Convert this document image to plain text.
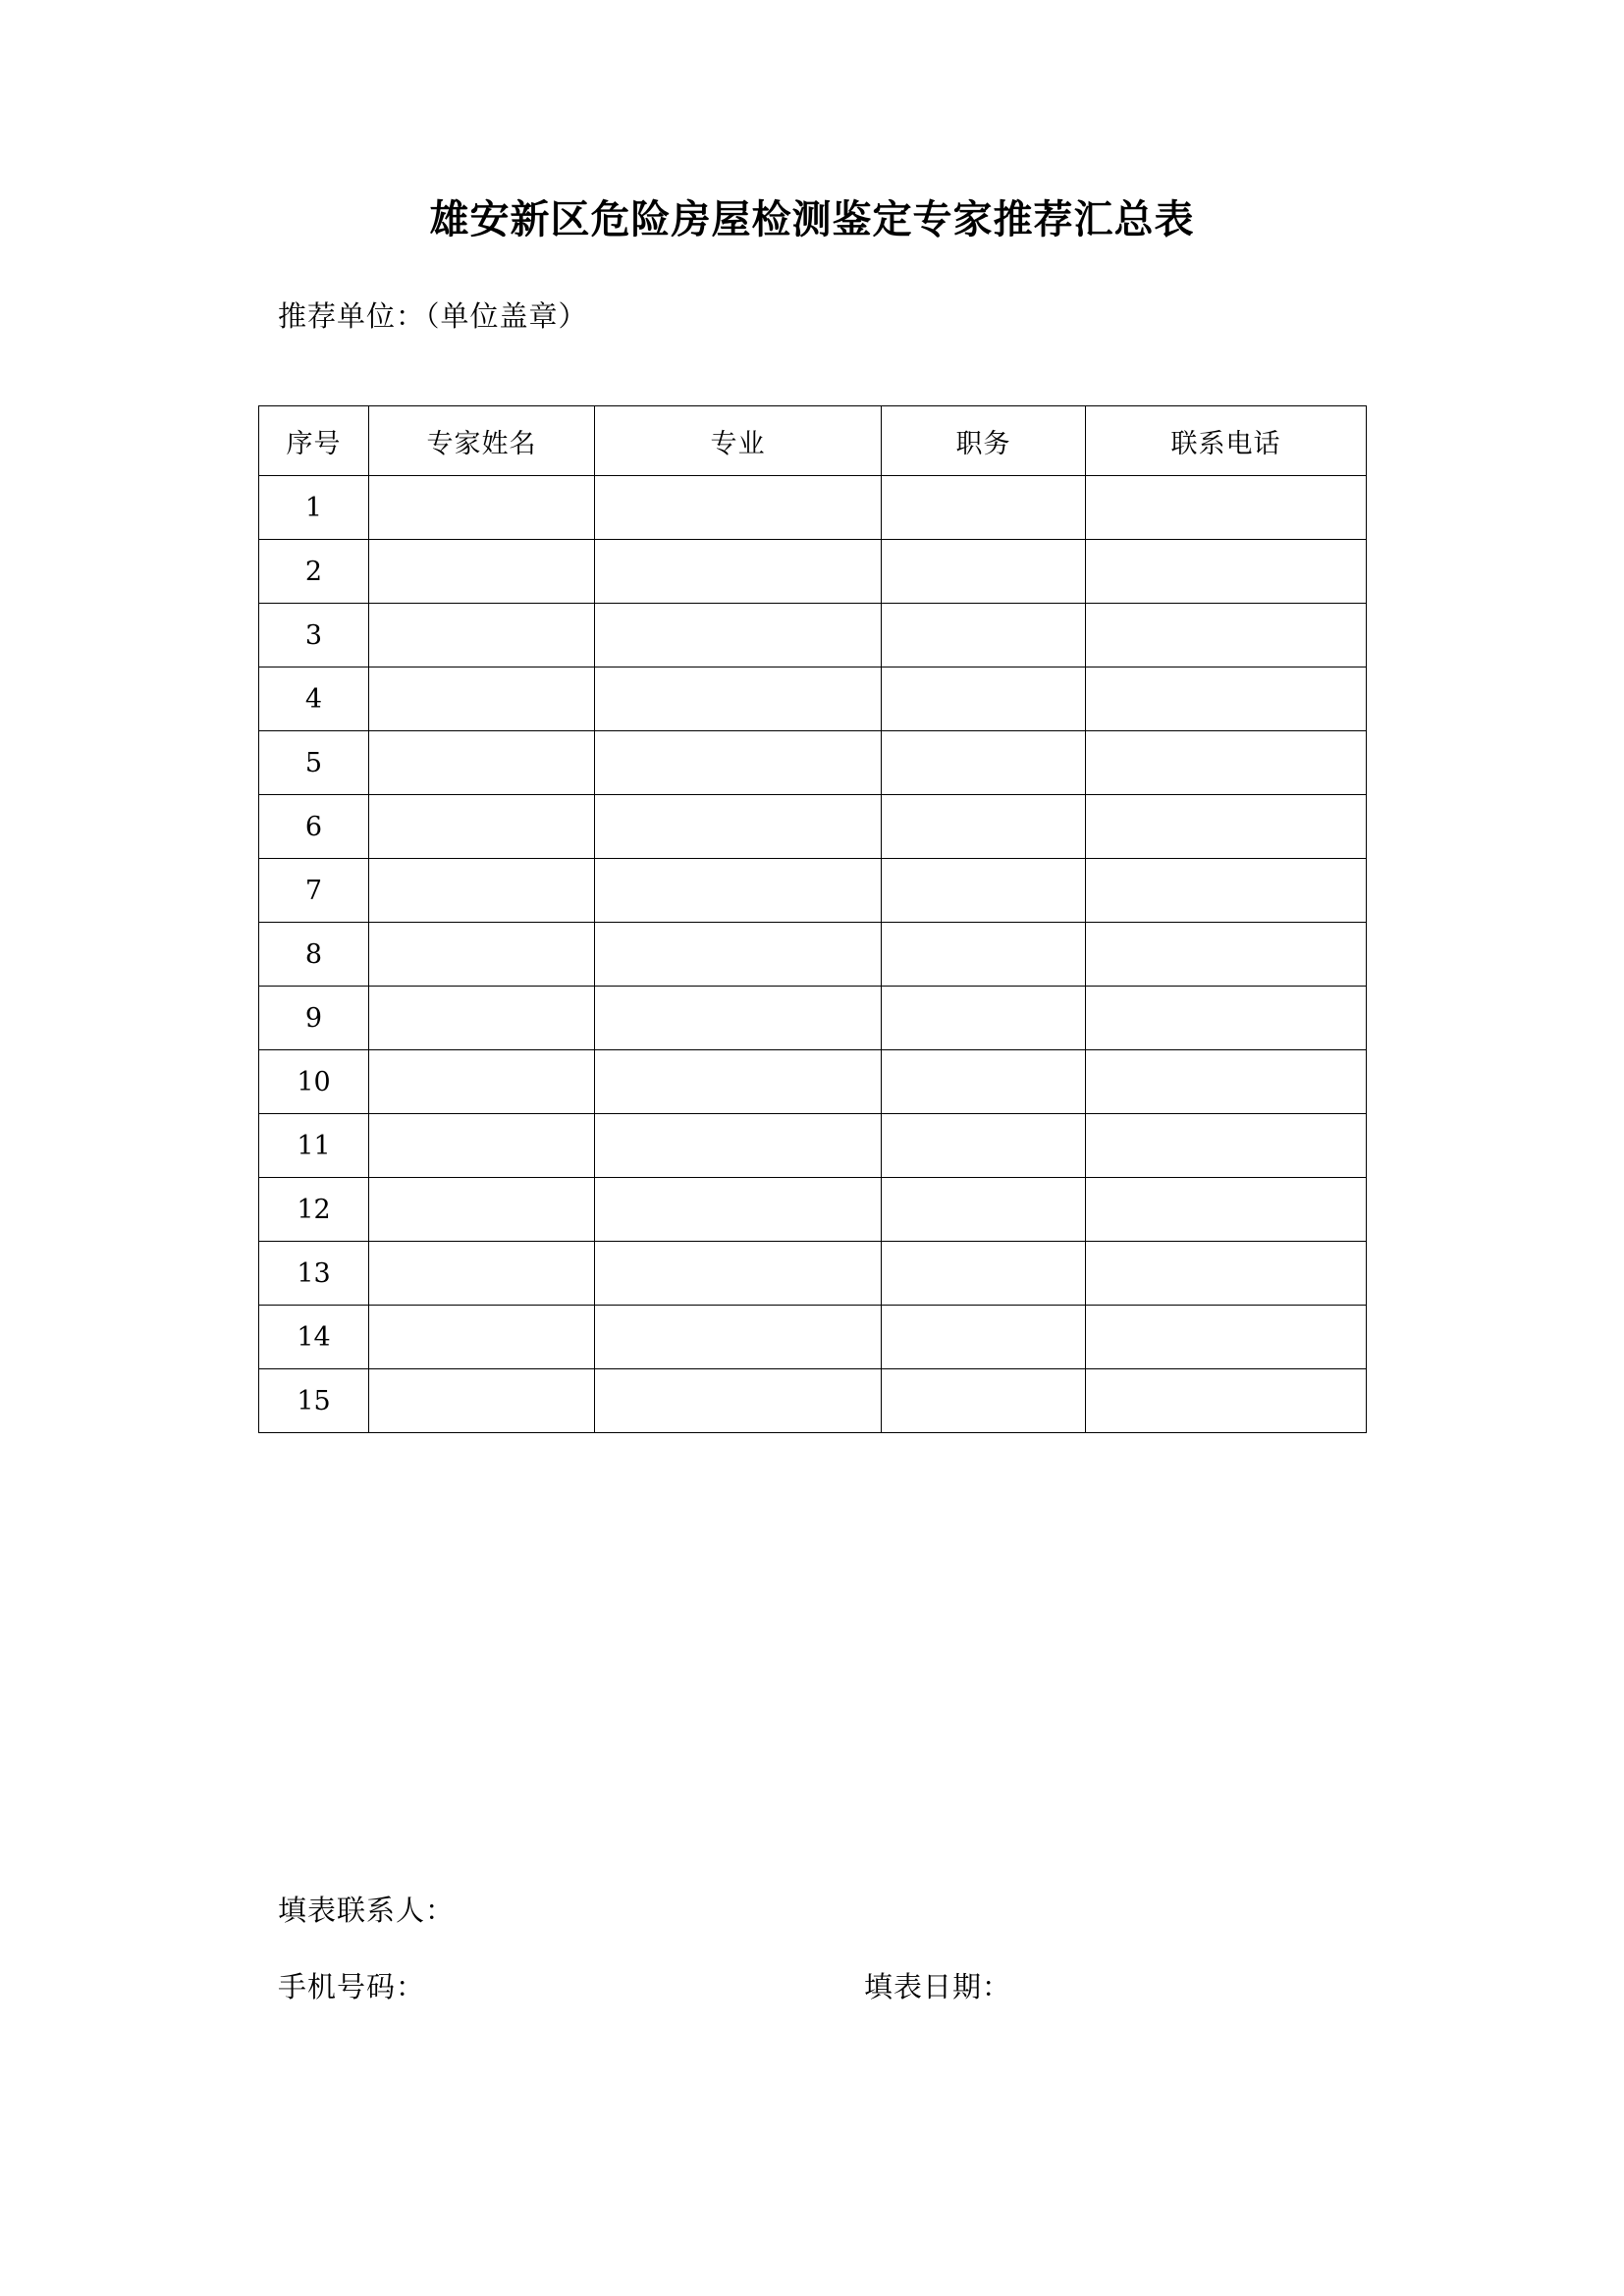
雄安新区危险房屋检测鉴定专家推荐汇总表
推荐单位：（单位盖章）
序号	专家姓名	专业	职务	联系电话
1				
2				
3				
4				
5				
6				
7				
8				
9				
10				
11				
12				
13				
14				
15				
填表联系人：
手机号码：	填表日期：
